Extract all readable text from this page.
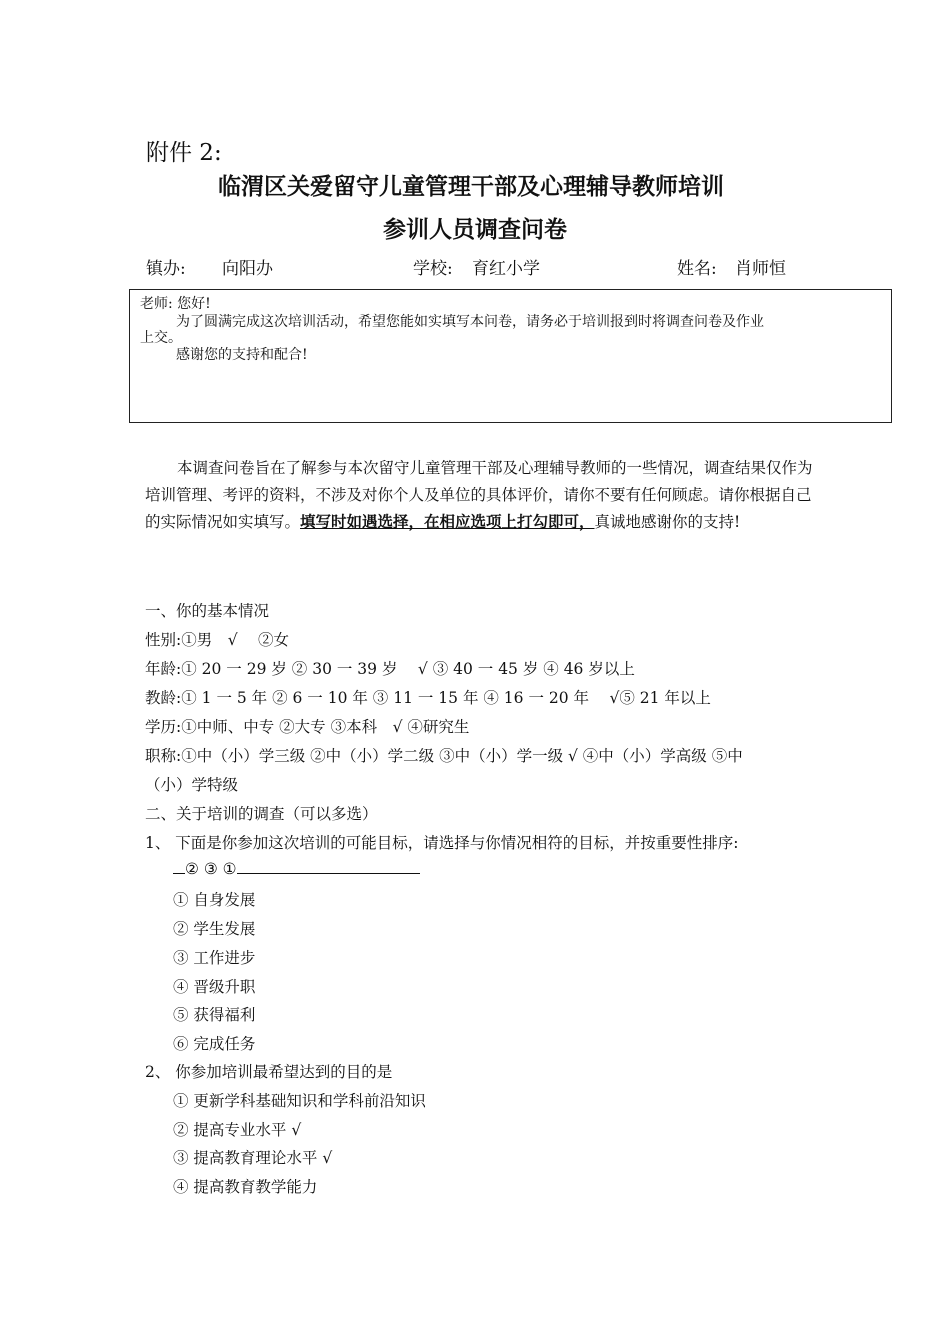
附件 2:
临渭区关爱留守儿童管理干部及心理辅导教师培训
参训人员调查问卷
镇办: 向阳办	学校: 育红小学	姓名: 肖师恒
老师: 您好!
为了圆满完成这次培训活动，希望您能如实填写本问卷，请务必于培训报到时将调查问卷及作业
上交。
感谢您的支持和配合!

本调查问卷旨在了解参与本次留守儿童管理干部及心理辅导教师的一些情况，调查结果仅作为培训管理、考评的资料，不涉及对你个人及单位的具体评价，请你不要有任何顾虑。请你根据自己的实际情况如实填写。填写时如遇选择，在相应选项上打勾即可，真诚地感谢你的支持!

一、你的基本情况
性别:①男　√　 ②女
年龄:① 20 一 29 岁 ② 30 一 39 岁　 √ ③ 40 一 45 岁 ④ 46 岁以上
教龄:① 1 一 5 年 ② 6 一 10 年 ③ 11 一 15 年 ④ 16 一 20 年　 √⑤ 21 年以上
学历:①中师、中专 ②大专 ③本科　√ ④研究生
职称:①中（小）学三级 ②中（小）学二级 ③中（小）学一级 √ ④中（小）学高级 ⑤中
（小）学特级
二、关于培训的调查（可以多选）
1、 下面是你参加这次培训的可能目标，请选择与你情况相符的目标，并按重要性排序:
② ③ ①
① 自身发展
② 学生发展
③ 工作进步
④ 晋级升职
⑤ 获得福利
⑥ 完成任务
2、 你参加培训最希望达到的目的是
① 更新学科基础知识和学科前沿知识
② 提高专业水平 √
③ 提高教育理论水平 √
④ 提高教育教学能力
